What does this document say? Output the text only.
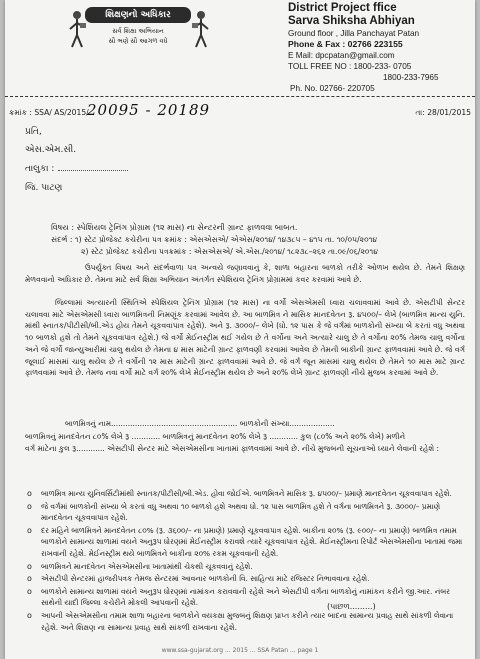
શિક્ષણનો અધિકાર
સર્વ શિક્ષા અભિયાન
સૌ ભણે સૌ આગળ વધે
District Project ffice
Sarva Shiksha Abhiyan
Ground floor , Jilla Panchayat Patan
Phone & Fax : 02766 223155
E Mail: dpcpatan@gmail.com
TOLL FREE NO : 1800-233- 0705
1800-233-7965
Ph. No. 02766- 220705
ક્રમાંક : SSA/ AS/2015/
20095 - 20189	તા: 28/01/2015
પ્રતિ,
એસ.એમ.સી.
તાલુકા :
જિ. પાટણ
વિષય : સ્પેશિયલ ટ્રેનિંગ પ્રોગ્રામ (૧૨ માસ) ના સેન્ટરની ગ્રાન્ટ ફાળવવા બાબત.
સંદર્ભ : ૧) સ્ટેટ પ્રોજેક્ટ કચેરીના પત્ર ક્રમાંક : એસએસએ/ એએસ/૨૦૧૪/ ૧૪૩૮૫ – ૪૧૫ તા. ૧૦/૦૫/૨૦૧૪
૨) સ્ટેટ પ્રોજેક્ટ કચેરીના પત્રક્રમાંક : એસએસએ/ એ.એસ./૨૦૧૪/ ૧૮૨૩૮–૨૬૨ તા.૦૯/૦૬/૨૦૧૪
ઉપર્યુક્ત વિષય અને સંદર્ભવાળા પત્ર અન્વયે જણાવવાનું કે, શાળા બહારના બાળકો તરીકે ઓળખ થયેલ છે. તેમને શિક્ષણ મેળવવાનો અધિકાર છે. તેમના માટે સર્વ શિક્ષા અભિયાન અંતર્ગત સ્પેશિયલ ટ્રેનિંગ પ્રોગ્રામમાં કવર કરવામાં આવે છે.
જિલ્લામાં અત્યારની સ્થિતિએ સ્પેશિયલ ટ્રેનિંગ પ્રોગ્રામ (૧૨ માસ) ના વર્ગો એસએમસી ધ્વારા ચલાવવામાં આવે છે. એસટીપી સેન્ટર ચલાવવા માટે એસએમસી ધ્વારા બાળમિત્રની નિમણૂંક કરવામાં આવેલ છે. આ બાળમિત્ર ને માસિક માનદવેતન રૂ. ૪૫૦૦/– લેખે (બાળમિત્ર માન્ય યુનિ. માંથી સ્નાતક/પીટીસી/બી.એડ હોય તેમને ચૂકવવાપાત્ર રહેશે). અને રૂ. ૩૦૦૦/– લેખે (ધો. ૧૨ પાસ કે જે વર્ગમાં બાળકોની સંખ્યા બે કરતાં વધુ અથવા ૧૦ બાળકો હશે તો તેમને ચૂકવવાપાત્ર રહેશે.) જે વર્ગો મેઈનસ્ટ્રીમ થઈ ગયેલ છે તે વર્ગોના અને અત્યારે ચાલુ છે તે વર્ગોના ૨૦% તેમજ ચાલુ વર્ગોના અને જે વર્ગો જાન્યુઆરીમાં ચાલુ થયેલ છે તેમના ૪ માસ માટેની ગ્રાન્ટ ફાળવણી કરવામાં આવેલ છે તેમની બાકીની ગ્રાન્ટ ફાળવવામાં આવે છે. જે વર્ગ જૂલાઈ માસમાં ચાલુ થયેલ છે તે વર્ગોની ૧૨ માસ માટેની ગ્રાન્ટ ફાળવવામાં આવે છે. જે વર્ગ જૂન માસમાં ચાલુ થયેલ છે તેમને ૧૦ માસ માટે ગ્રાન્ટ ફાળવવામાં આવે છે. તેમજ નવા વર્ગો માટે વર્ગ ૨૦% લેખે મેઈનસ્ટ્રીમ થયેલ છે અને ૨૦% લેખે ગ્રાન્ટ ફાળવણી નીચે મુજબ કરવામાં આવે છે.
બાળમિત્રનું નામ..................................................... બાળકોની સંખ્યા...................
બાળમિત્રનું માનદવેતન ૮૦% લેખે રૂ ............ બાળમિત્રનું માનદવેતન ૨૦% લેખે રૂ ............ કુલ (૮૦% અને ૨૦% લેખે) મળીને
વર્ગ માટેના કુલ રૂ............ એસટીપી સેન્ટર માટે એસએમસીના ખાતામાં ફાળવવામાં આવે છે. નીચે મુજબની સૂચનાઓ ધ્યાને લેવાની રહેશે :
o બાળમિત્ર માન્ય યુનિવર્સિટીમાંથી સ્નાતક/પીટીસી/બી.એડ. હોવા જોઈએ. બાળમિત્રને માસિક રૂ. ૪૫૦૦/– પ્રમાણે માનદવેતન ચૂકવવાપાત્ર રહેશે.
o જે વર્ગમાં બાળકોની સંખ્યા બે કરતાં વધુ અથવા ૧૦ બાળકો હશે અથવા ધો. ૧૨ પાસ બાળમિત્ર હશે તે વર્ગના બાળમિત્રને રૂ. ૩૦૦૦/– પ્રમાણે માનદવેતન ચૂકવવાપાત્ર રહેશે.
o દર મહિને બાળમિત્રને માનદવેતન ૮૦% (રૂ. ૩૬૦૦/– ના પ્રમાણે) પ્રમાણે ચૂકવવાપાત્ર રહેશે. બાકીના ૨૦% (રૂ. ૯૦૦/– ના પ્રમાણે) બાળમિત્ર તમામ બાળકોને સામાન્ય શાળામાં વયને અનુરૂપ ધોરણમાં મેઈનસ્ટ્રીમ કરાવશે ત્યારે ચૂકવવાપાત્ર રહેશે. મેઈનસ્ટ્રીમના રિપોર્ટ એસએમસીના ખાતામાં જમા રાખવાની રહેશે. મેઈનસ્ટ્રીમ થયે બાળમિત્રને બાકીના ૨૦% રકમ ચૂકવવાની રહેશે.
o બાળમિત્રને માનદવેતન એસએમસીના ખાતામાંથી ચેકથી ચૂકવવાનું રહેશે.
o એસટીપી સેન્ટરમાં હાજરીપત્રક તેમજ સેન્ટરમાં આવનાર બાળકોની વિ. સાહિત્ય માટે રજિસ્ટર નિભાવવાના રહેશે.
o બાળકોને સામાન્ય શાળામાં વયને અનુરૂપ ધોરણમાં નામાંકન કરાવવાની રહેશે અને એસટીપી વર્ગના બાળકોનું નામાંકન કરીને જી.આર. નંબર સાથેની યાદી જિલ્લા કચેરીને મોકલી આપવાની રહેશે.
o આપની એસએમસીના તમામ શાળા બહારના બાળકોને વયકક્ષા મુજબનું શિક્ષણ પ્રાપ્ત કરીને ત્યાર બાદના સામાન્ય પ્રવાહ સાથે સાંકળી લેવાના રહેશે. અને શિક્ષણ ના સામાન્ય પ્રવાહ સાથે સાંકળી રાખવાના રહેશે.
(પાછળ.........)
www.ssa-gujarat.org ... 2015 ... SSA Patan ... page 1
